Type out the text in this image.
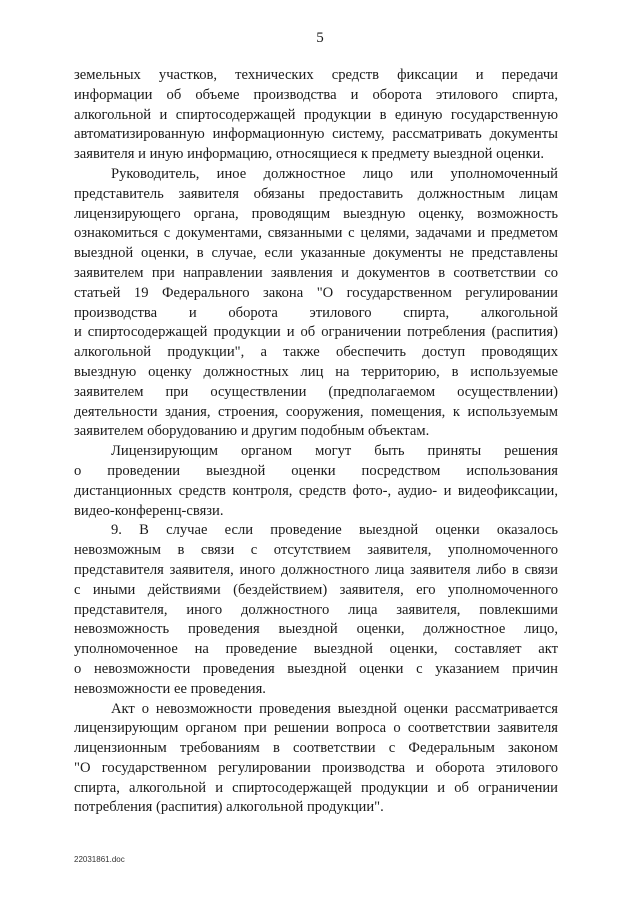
5
земельных участков, технических средств фиксации и передачи
информации об объеме производства и оборота этилового спирта,
алкогольной и спиртосодержащей продукции в единую государственную
автоматизированную информационную систему, рассматривать документы
заявителя и иную информацию, относящиеся к предмету выездной оценки.
Руководитель, иное должностное лицо или уполномоченный
представитель заявителя обязаны предоставить должностным лицам
лицензирующего органа, проводящим выездную оценку, возможность
ознакомиться с документами, связанными с целями, задачами и предметом
выездной оценки, в случае, если указанные документы не представлены
заявителем при направлении заявления и документов в соответствии со
статьей 19 Федерального закона "О государственном регулировании
производства и оборота этилового спирта, алкогольной
и спиртосодержащей продукции и об ограничении потребления (распития)
алкогольной продукции", а также обеспечить доступ проводящих
выездную оценку должностных лиц на территорию, в используемые
заявителем при осуществлении (предполагаемом осуществлении)
деятельности здания, строения, сооружения, помещения, к используемым
заявителем оборудованию и другим подобным объектам.
Лицензирующим органом могут быть приняты решения
о проведении выездной оценки посредством использования
дистанционных средств контроля, средств фото-, аудио- и видеофиксации,
видео-конференц-связи.
9. В случае если проведение выездной оценки оказалось
невозможным в связи с отсутствием заявителя, уполномоченного
представителя заявителя, иного должностного лица заявителя либо в связи
с иными действиями (бездействием) заявителя, его уполномоченного
представителя, иного должностного лица заявителя, повлекшими
невозможность проведения выездной оценки, должностное лицо,
уполномоченное на проведение выездной оценки, составляет акт
о невозможности проведения выездной оценки с указанием причин
невозможности ее проведения.
Акт о невозможности проведения выездной оценки рассматривается
лицензирующим органом при решении вопроса о соответствии заявителя
лицензионным требованиям в соответствии с Федеральным законом
"О государственном регулировании производства и оборота этилового
спирта, алкогольной и спиртосодержащей продукции и об ограничении
потребления (распития) алкогольной продукции".
22031861.doc
